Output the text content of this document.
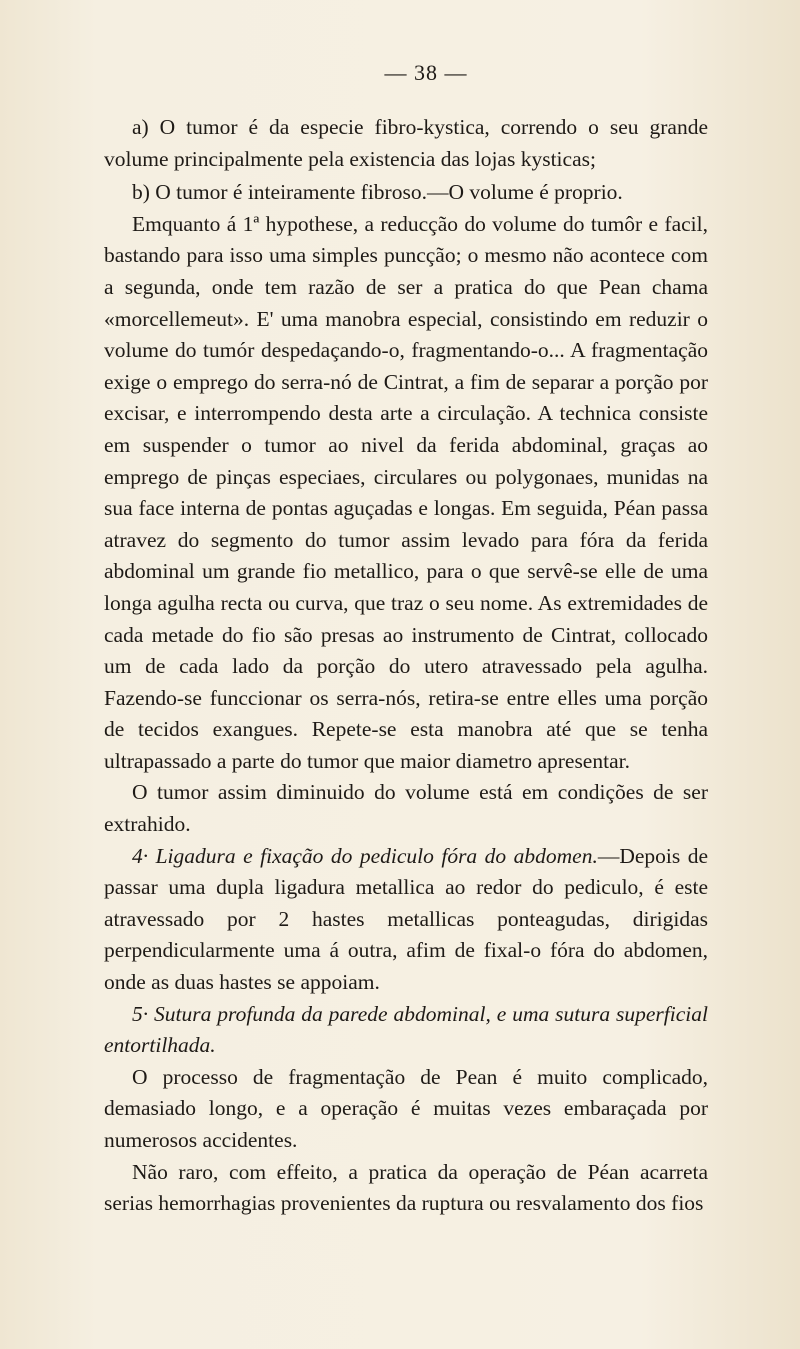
— 38 —

a) O tumor é da especie fibro-kystica, correndo o seu grande volume principalmente pela existencia das lojas kysticas;

b) O tumor é inteiramente fibroso.—O volume é proprio.

Emquanto á 1ª hypothese, a reducção do volume do tumôr e facil, bastando para isso uma simples puncção; o mesmo não acontece com a segunda, onde tem razão de ser a pratica do que Pean chama «morcellemeut». E' uma manobra especial, consistindo em reduzir o volume do tumór despedaçando-o, fragmentando-o... A fragmentação exige o emprego do serra-nó de Cintrat, a fim de separar a porção por excisar, e interrompendo desta arte a circulação. A technica consiste em suspender o tumor ao nivel da ferida abdominal, graças ao emprego de pinças especiaes, circulares ou polygonaes, munidas na sua face interna de pontas aguçadas e longas. Em seguida, Péan passa atravez do segmento do tumor assim levado para fóra da ferida abdominal um grande fio metallico, para o que servê-se elle de uma longa agulha recta ou curva, que traz o seu nome. As extremidades de cada metade do fio são presas ao instrumento de Cintrat, collocado um de cada lado da porção do utero atravessado pela agulha. Fazendo-se funccionar os serra-nós, retira-se entre elles uma porção de tecidos exangues. Repete-se esta manobra até que se tenha ultrapassado a parte do tumor que maior diametro apresentar.

O tumor assim diminuido do volume está em condições de ser extrahido.

4· Ligadura e fixação do pediculo fóra do abdomen.—Depois de passar uma dupla ligadura metallica ao redor do pediculo, é este atravessado por 2 hastes metallicas ponteagudas, dirigidas perpendicularmente uma á outra, afim de fixal-o fóra do abdomen, onde as duas hastes se appoiam.

5· Sutura profunda da parede abdominal, e uma sutura superficial entortilhada.

O processo de fragmentação de Pean é muito complicado, demasiado longo, e a operação é muitas vezes embaraçada por numerosos accidentes.

Não raro, com effeito, a pratica da operação de Péan acarreta serias hemorrhagias provenientes da ruptura ou resvalamento dos fios
